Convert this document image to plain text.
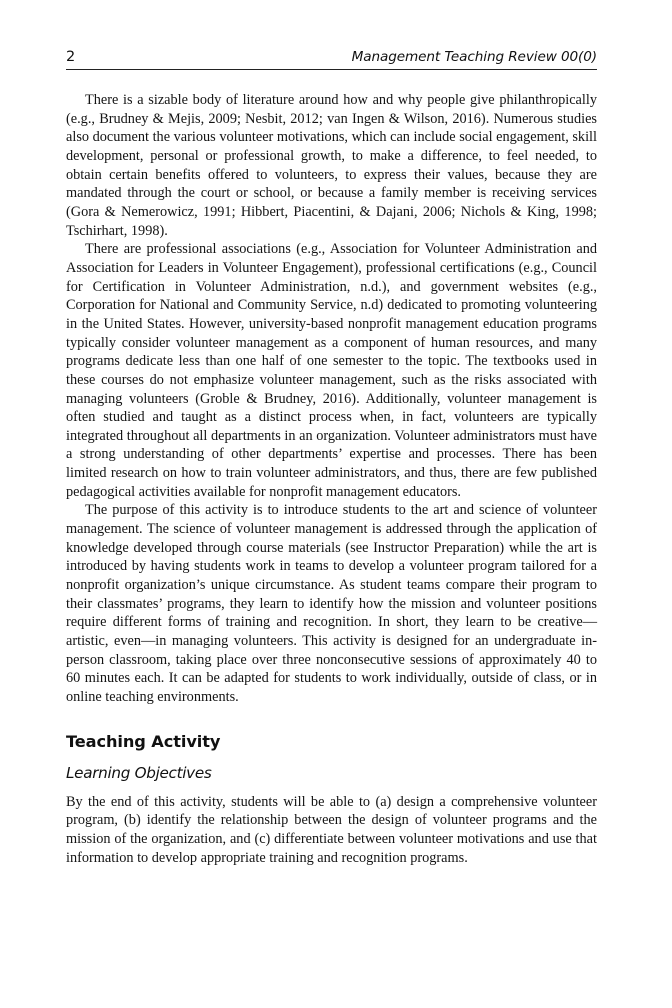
2	Management Teaching Review 00(0)

There is a sizable body of literature around how and why people give philanthropically (e.g., Brudney & Mejis, 2009; Nesbit, 2012; van Ingen & Wilson, 2016). Numerous studies also document the various volunteer motivations, which can include social engagement, skill development, personal or professional growth, to make a difference, to feel needed, to obtain certain benefits offered to volunteers, to express their values, because they are mandated through the court or school, or because a family member is receiving services (Gora & Nemerowicz, 1991; Hibbert, Piacentini, & Dajani, 2006; Nichols & King, 1998; Tschirhart, 1998).

There are professional associations (e.g., Association for Volunteer Administration and Association for Leaders in Volunteer Engagement), professional certifications (e.g., Council for Certification in Volunteer Administration, n.d.), and government websites (e.g., Corporation for National and Community Service, n.d) dedicated to promoting volunteering in the United States. However, university-based nonprofit management education programs typically consider volunteer management as a component of human resources, and many programs dedicate less than one half of one semester to the topic. The textbooks used in these courses do not emphasize volunteer management, such as the risks associated with managing volunteers (Groble & Brudney, 2016). Additionally, volunteer management is often studied and taught as a distinct process when, in fact, volunteers are typically integrated throughout all departments in an organization. Volunteer administrators must have a strong understanding of other departments’ expertise and processes. There has been limited research on how to train volunteer administrators, and thus, there are few published pedagogical activities available for nonprofit management educators.

The purpose of this activity is to introduce students to the art and science of volunteer management. The science of volunteer management is addressed through the application of knowledge developed through course materials (see Instructor Preparation) while the art is introduced by having students work in teams to develop a volunteer program tailored for a nonprofit organization’s unique circumstance. As student teams compare their program to their classmates’ programs, they learn to identify how the mission and volunteer positions require different forms of training and recognition. In short, they learn to be creative—artistic, even—in managing volunteers. This activity is designed for an undergraduate in-person classroom, taking place over three nonconsecutive sessions of approximately 40 to 60 minutes each. It can be adapted for students to work individually, outside of class, or in online teaching environments.

Teaching Activity
Learning Objectives

By the end of this activity, students will be able to (a) design a comprehensive volunteer program, (b) identify the relationship between the design of volunteer programs and the mission of the organization, and (c) differentiate between volunteer motivations and use that information to develop appropriate training and recognition programs.
